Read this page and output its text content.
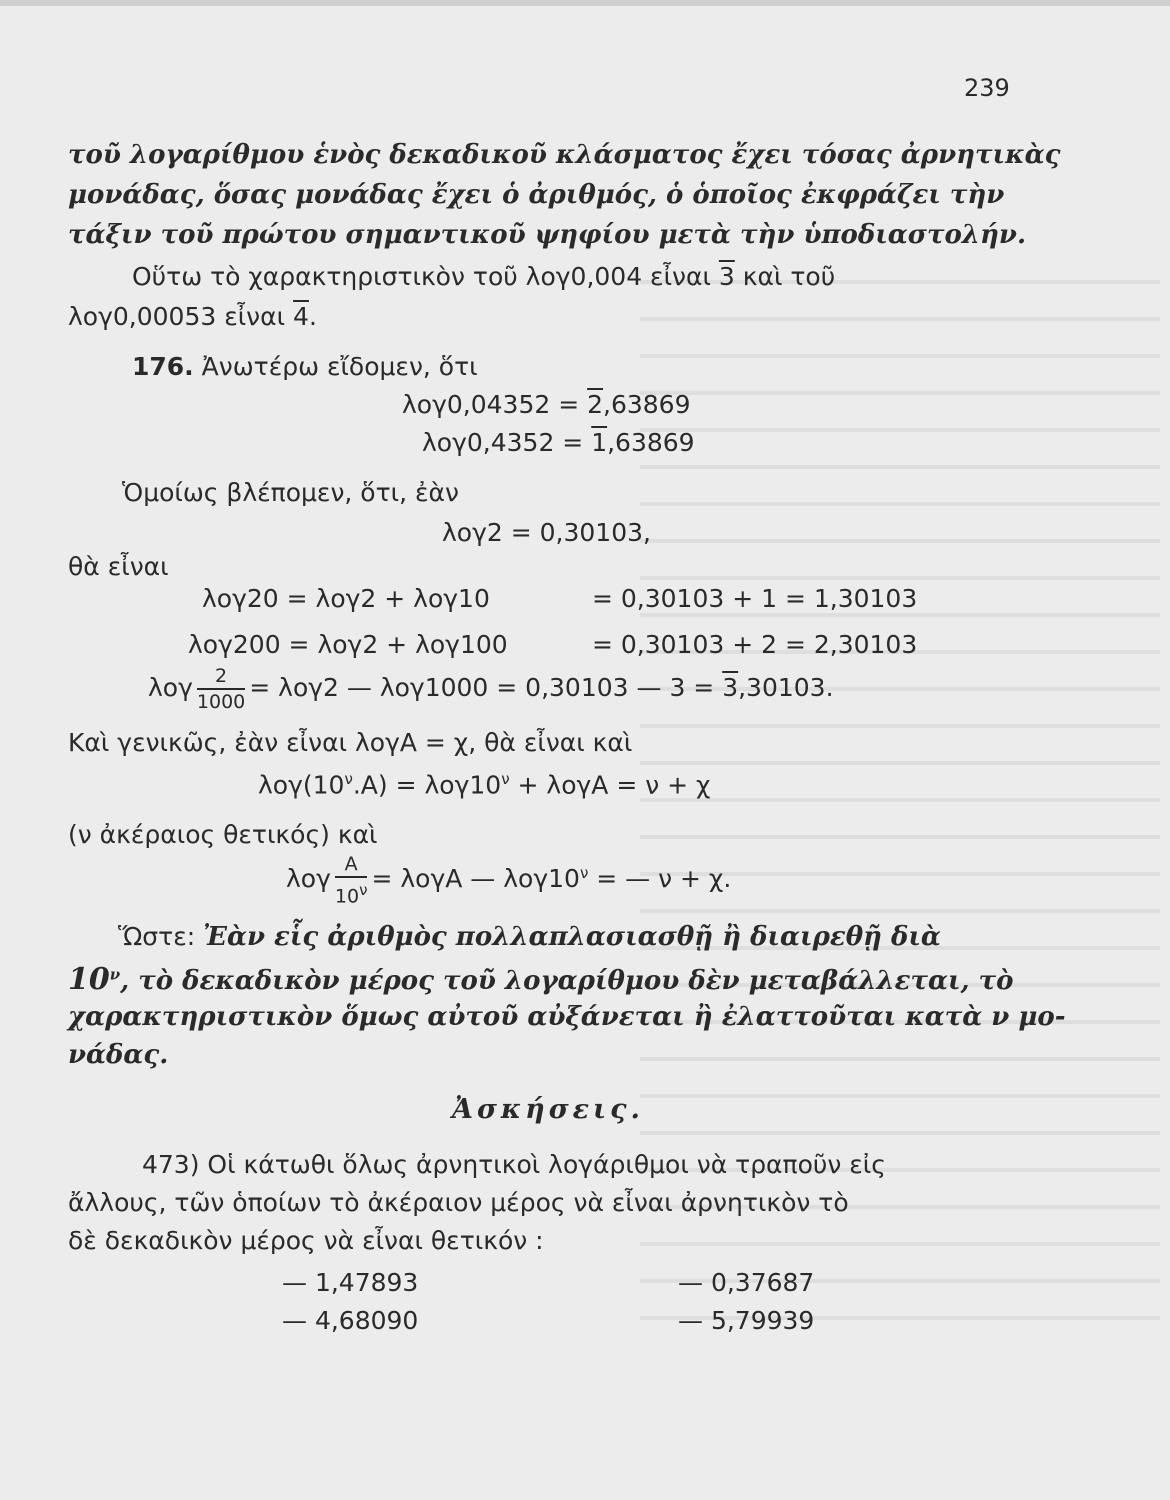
239
τοῦ λογαρίθμου ἑνὸς δεκαδικοῦ κλάσματος ἔχει τόσας ἀρνητικὰς
μονάδας, ὅσας μονάδας ἔχει ὁ ἀριθμός, ὁ ὁποῖος ἐκφράζει τὴν
τάξιν τοῦ πρώτου σημαντικοῦ ψηφίου μετὰ τὴν ὑποδιαστολήν.
Οὕτω τὸ χαρακτηριστικὸν τοῦ λογ0,004 εἶναι 3 καὶ τοῦ
λογ0,00053 εἶναι 4.
176. Ἀνωτέρω εἴδομεν, ὅτι
λογ0,04352 = 2,63869
λογ0,4352 = 1,63869
Ὁμοίως βλέπομεν, ὅτι, ἐὰν
λογ2 = 0,30103,
θὰ εἶναι
λογ20 = λογ2 + λογ10	= 0,30103 + 1 = 1,30103
λογ200 = λογ2 + λογ100	= 0,30103 + 2 = 2,30103
λογ $\frac{2}{1000} = \lambda o\gamma 2$ — λογ1000 = 0,30103 — 3 = 3,30103.
Καὶ γενικῶς, ἐὰν εἶναι λογΑ = χ, θὰ εἶναι καὶ
$\lambda o\gamma(10^\nu.A) = \lambda o\gamma 10^\nu + \lambda o\gamma A = \nu + \chi$
(ν ἀκέραιος θετικός) καὶ
λογ $\frac{A}{10^\nu} = \lambda o\gamma A$ — $\lambda o\gamma 10^\nu$ = — ν + χ.
Ὥστε: Ἐὰν εἷς ἀριθμὸς πολλαπλασιασθῇ ἢ διαιρεθῇ διὰ
$10^\nu$, τὸ δεκαδικὸν μέρος τοῦ λογαρίθμου δὲν μεταβάλλεται, τὸ
χαρακτηριστικὸν ὅμως αὐτοῦ αὐξάνεται ἢ ἐλαττοῦται κατὰ ν μο-
νάδας.
Ἀσκήσεις.
473) Οἱ κάτωθι ὅλως ἀρνητικοὶ λογάριθμοι νὰ τραποῦν εἰς
ἄλλους, τῶν ὁποίων τὸ ἀκέραιον μέρος νὰ εἶναι ἀρνητικὸν τὸ
δὲ δεκαδικὸν μέρος νὰ εἶναι θετικόν :
— 1,47893	— 0,37687
— 4,68090	— 5,79939
